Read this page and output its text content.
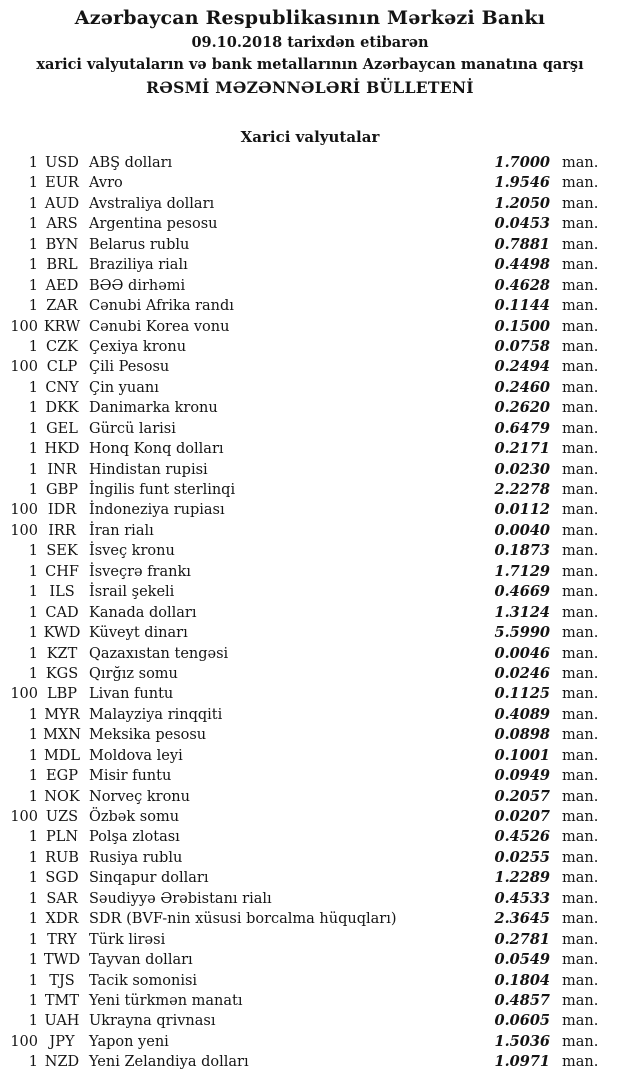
Azərbaycan Respublikasının Mərkəzi Bankı
09.10.2018 tarixdən etibarən
xarici valyutaların və bank metallarının Azərbaycan manatına qarşı
RƏSMİ MƏZƏNNƏLƏRİ BÜLLETENİ
Xarici valyutalar
1 USD ABŞ dolları	1.7000 man.
1 EUR Avro	1.9546 man.
1 AUD Avstraliya dolları	1.2050 man.
1 ARS Argentina pesosu	0.0453 man.
1 BYN Belarus rublu	0.7881 man.
1 BRL Braziliya rialı	0.4498 man.
1 AED BƏƏ dirhəmi	0.4628 man.
1 ZAR Cənubi Afrika randı	0.1144 man.
100 KRW Cənubi Korea vonu	0.1500 man.
1 CZK Çexiya kronu	0.0758 man.
100 CLP Çili Pesosu	0.2494 man.
1 CNY Çin yuanı	0.2460 man.
1 DKK Danimarka kronu	0.2620 man.
1 GEL Gürcü larisi	0.6479 man.
1 HKD Honq Konq dolları	0.2171 man.
1 INR Hindistan rupisi	0.0230 man.
1 GBP İngilis funt sterlinqi	2.2278 man.
100 IDR İndoneziya rupiası	0.0112 man.
100 IRR İran rialı	0.0040 man.
1 SEK İsveç kronu	0.1873 man.
1 CHF İsveçrə frankı	1.7129 man.
1 ILS İsrail şekeli	0.4669 man.
1 CAD Kanada dolları	1.3124 man.
1 KWD Küveyt dinarı	5.5990 man.
1 KZT Qazaxıstan tengəsi	0.0046 man.
1 KGS Qırğız somu	0.0246 man.
100 LBP Livan funtu	0.1125 man.
1 MYR Malayziya rinqqiti	0.4089 man.
1 MXN Meksika pesosu	0.0898 man.
1 MDL Moldova leyi	0.1001 man.
1 EGP Misir funtu	0.0949 man.
1 NOK Norveç kronu	0.2057 man.
100 UZS Özbək somu	0.0207 man.
1 PLN Polşa zlotası	0.4526 man.
1 RUB Rusiya rublu	0.0255 man.
1 SGD Sinqapur dolları	1.2289 man.
1 SAR Səudiyyə Ərəbistanı rialı	0.4533 man.
1 XDR SDR (BVF-nin xüsusi borcalma hüquqları)	2.3645 man.
1 TRY Türk lirəsi	0.2781 man.
1 TWD Tayvan dolları	0.0549 man.
1 TJS Tacik somonisi	0.1804 man.
1 TMT Yeni türkmən manatı	0.4857 man.
1 UAH Ukrayna qrivnası	0.0605 man.
100 JPY Yapon yeni	1.5036 man.
1 NZD Yeni Zelandiya dolları	1.0971 man.
